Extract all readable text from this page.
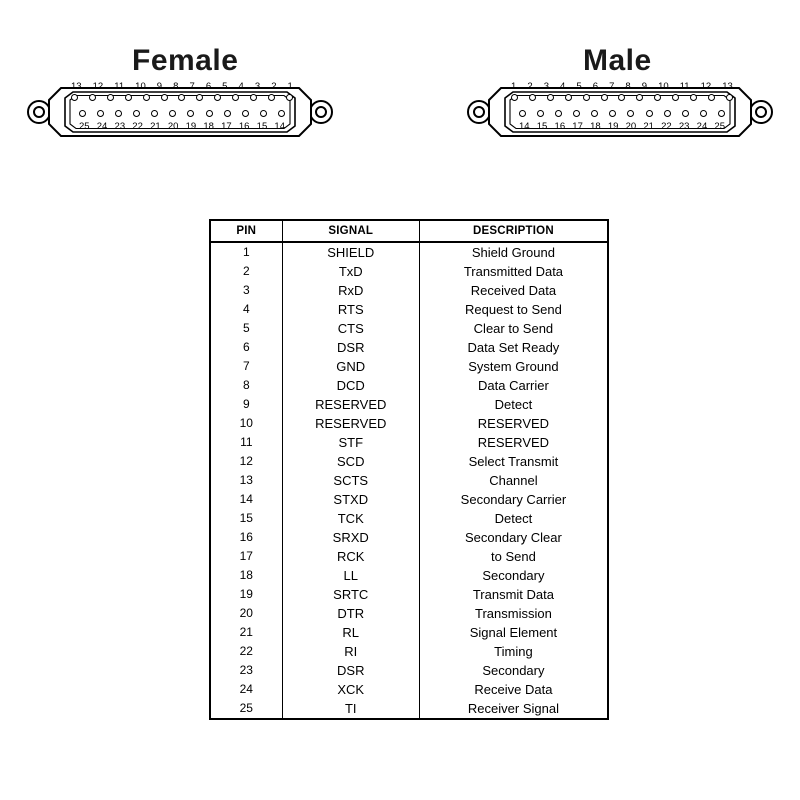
Female
13 12 11 10 9 8 7 6 5 4 3 2 1
25 24 23 22 21 20 19 18 17 16 15 14
Male
1 2 3 4 5 6 7 8 9 10 11 12 13
14 15 16 17 18 19 20 21 22 23 24 25
PIN	SIGNAL	DESCRIPTION
1	SHIELD	Shield Ground
2	TxD	Transmitted Data
3	RxD	Received Data
4	RTS	Request to Send
5	CTS	Clear to Send
6	DSR	Data Set Ready
7	GND	System Ground
8	DCD	Data Carrier
9	RESERVED	Detect
10	RESERVED	RESERVED
11	STF	RESERVED
12	SCD	Select Transmit
13	SCTS	Channel
14	STXD	Secondary Carrier
15	TCK	Detect
16	SRXD	Secondary Clear
17	RCK	to Send
18	LL	Secondary
19	SRTC	Transmit Data
20	DTR	Transmission
21	RL	Signal Element
22	RI	Timing
23	DSR	Secondary
24	XCK	Receive Data
25	TI	Receiver Signal
